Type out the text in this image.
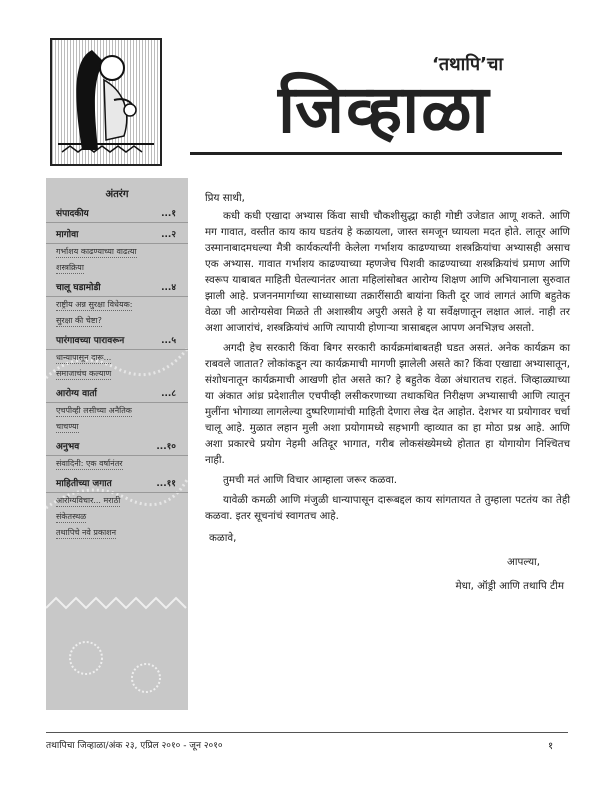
‘तथापि’चा
जिव्हाळा
अंतरंग
संपादकीय	...१
मागोवा	...२
गर्भाशय काढण्याच्या वाढत्या
शस्त्रक्रिया
चालू घडामोडी	...४
राष्ट्रीय अन्न सुरक्षा विधेयक:
सुरक्षा की चेष्टा?
पारंगावच्या पारावरून	...५
धान्यापासून दारू...
समाजाचंच कल्याण
आरोग्य वार्ता	...८
एचपीव्ही लसीच्या अनैतिक
चाचण्या
अनुभव	...१०
संवादिनी: एक वर्षानंतर
माहितीच्या जगात	...११
आरोग्यविचार... मराठी
संकेतस्थळ
तथापिचे नवे प्रकाशन
प्रिय साथी,

कधी कधी एखादा अभ्यास किंवा साधी चौकशीसुद्धा काही गोष्टी उजेडात आणू शकते. आणि मग गावात, वस्तीत काय काय घडतंय हे कळायला, जास्त समजून घ्यायला मदत होते. लातूर आणि उस्मानाबादमधल्या मैत्री कार्यकर्त्यांनी केलेला गर्भाशय काढण्याच्या शस्त्रक्रियांचा अभ्यासही असाच एक अभ्यास. गावात गर्भाशय काढण्याच्या म्हणजेच पिशवी काढण्याच्या शस्त्रक्रियांचं प्रमाण आणि स्वरूप याबाबत माहिती घेतल्यानंतर आता महिलांसोबत आरोग्य शिक्षण आणि अभियानाला सुरुवात झाली आहे. प्रजननमार्गाच्या साध्यासाध्या तक्रारींसाठी बायांना किती दूर जावं लागतं आणि बहुतेक वेळा जी आरोग्यसेवा मिळते ती अशास्त्रीय अपुरी असते हे या सर्वेक्षणातून लक्षात आलं. नाही तर अशा आजारांचं, शस्त्रक्रियांचं आणि त्यापायी होणाऱ्या त्रासाबद्दल आपण अनभिज्ञच असतो.

अगदी हेच सरकारी किंवा बिगर सरकारी कार्यक्रमांबाबतही घडत असतं. अनेक कार्यक्रम का राबवले जातात? लोकांकडून त्या कार्यक्रमाची मागणी झालेली असते का? किंवा एखाद्या अभ्यासातून, संशोधनातून कार्यक्रमाची आखणी होत असते का? हे बहुतेक वेळा अंधारातच राहतं. जिव्हाळ्याच्या या अंकात आंध्र प्रदेशातील एचपीव्ही लसीकरणाच्या तथाकथित निरीक्षण अभ्यासाची आणि त्यातून मुलींना भोगाव्या लागलेल्या दुष्परिणामांची माहिती देणारा लेख देत आहोत. देशभर या प्रयोगावर चर्चा चालू आहे. मुळात लहान मुली अशा प्रयोगामध्ये सहभागी व्हाव्यात का हा मोठा प्रश्न आहे. आणि अशा प्रकारचे प्रयोग नेहमी अतिदूर भागात, गरीब लोकसंख्येमध्ये होतात हा योगायोग निश्चितच नाही.

तुमची मतं आणि विचार आम्हाला जरूर कळवा.

यावेळी कमळी आणि मंजुळी धान्यापासून दारूबद्दल काय सांगतायत ते तुम्हाला पटतंय का तेही कळवा. इतर सूचनांचं स्वागतच आहे.

कळावे,
आपल्या,
मेधा, ऑड्री आणि तथापि टीम
तथापिचा जिव्हाळा/अंक २३, एप्रिल २०१० - जून २०१०	१
